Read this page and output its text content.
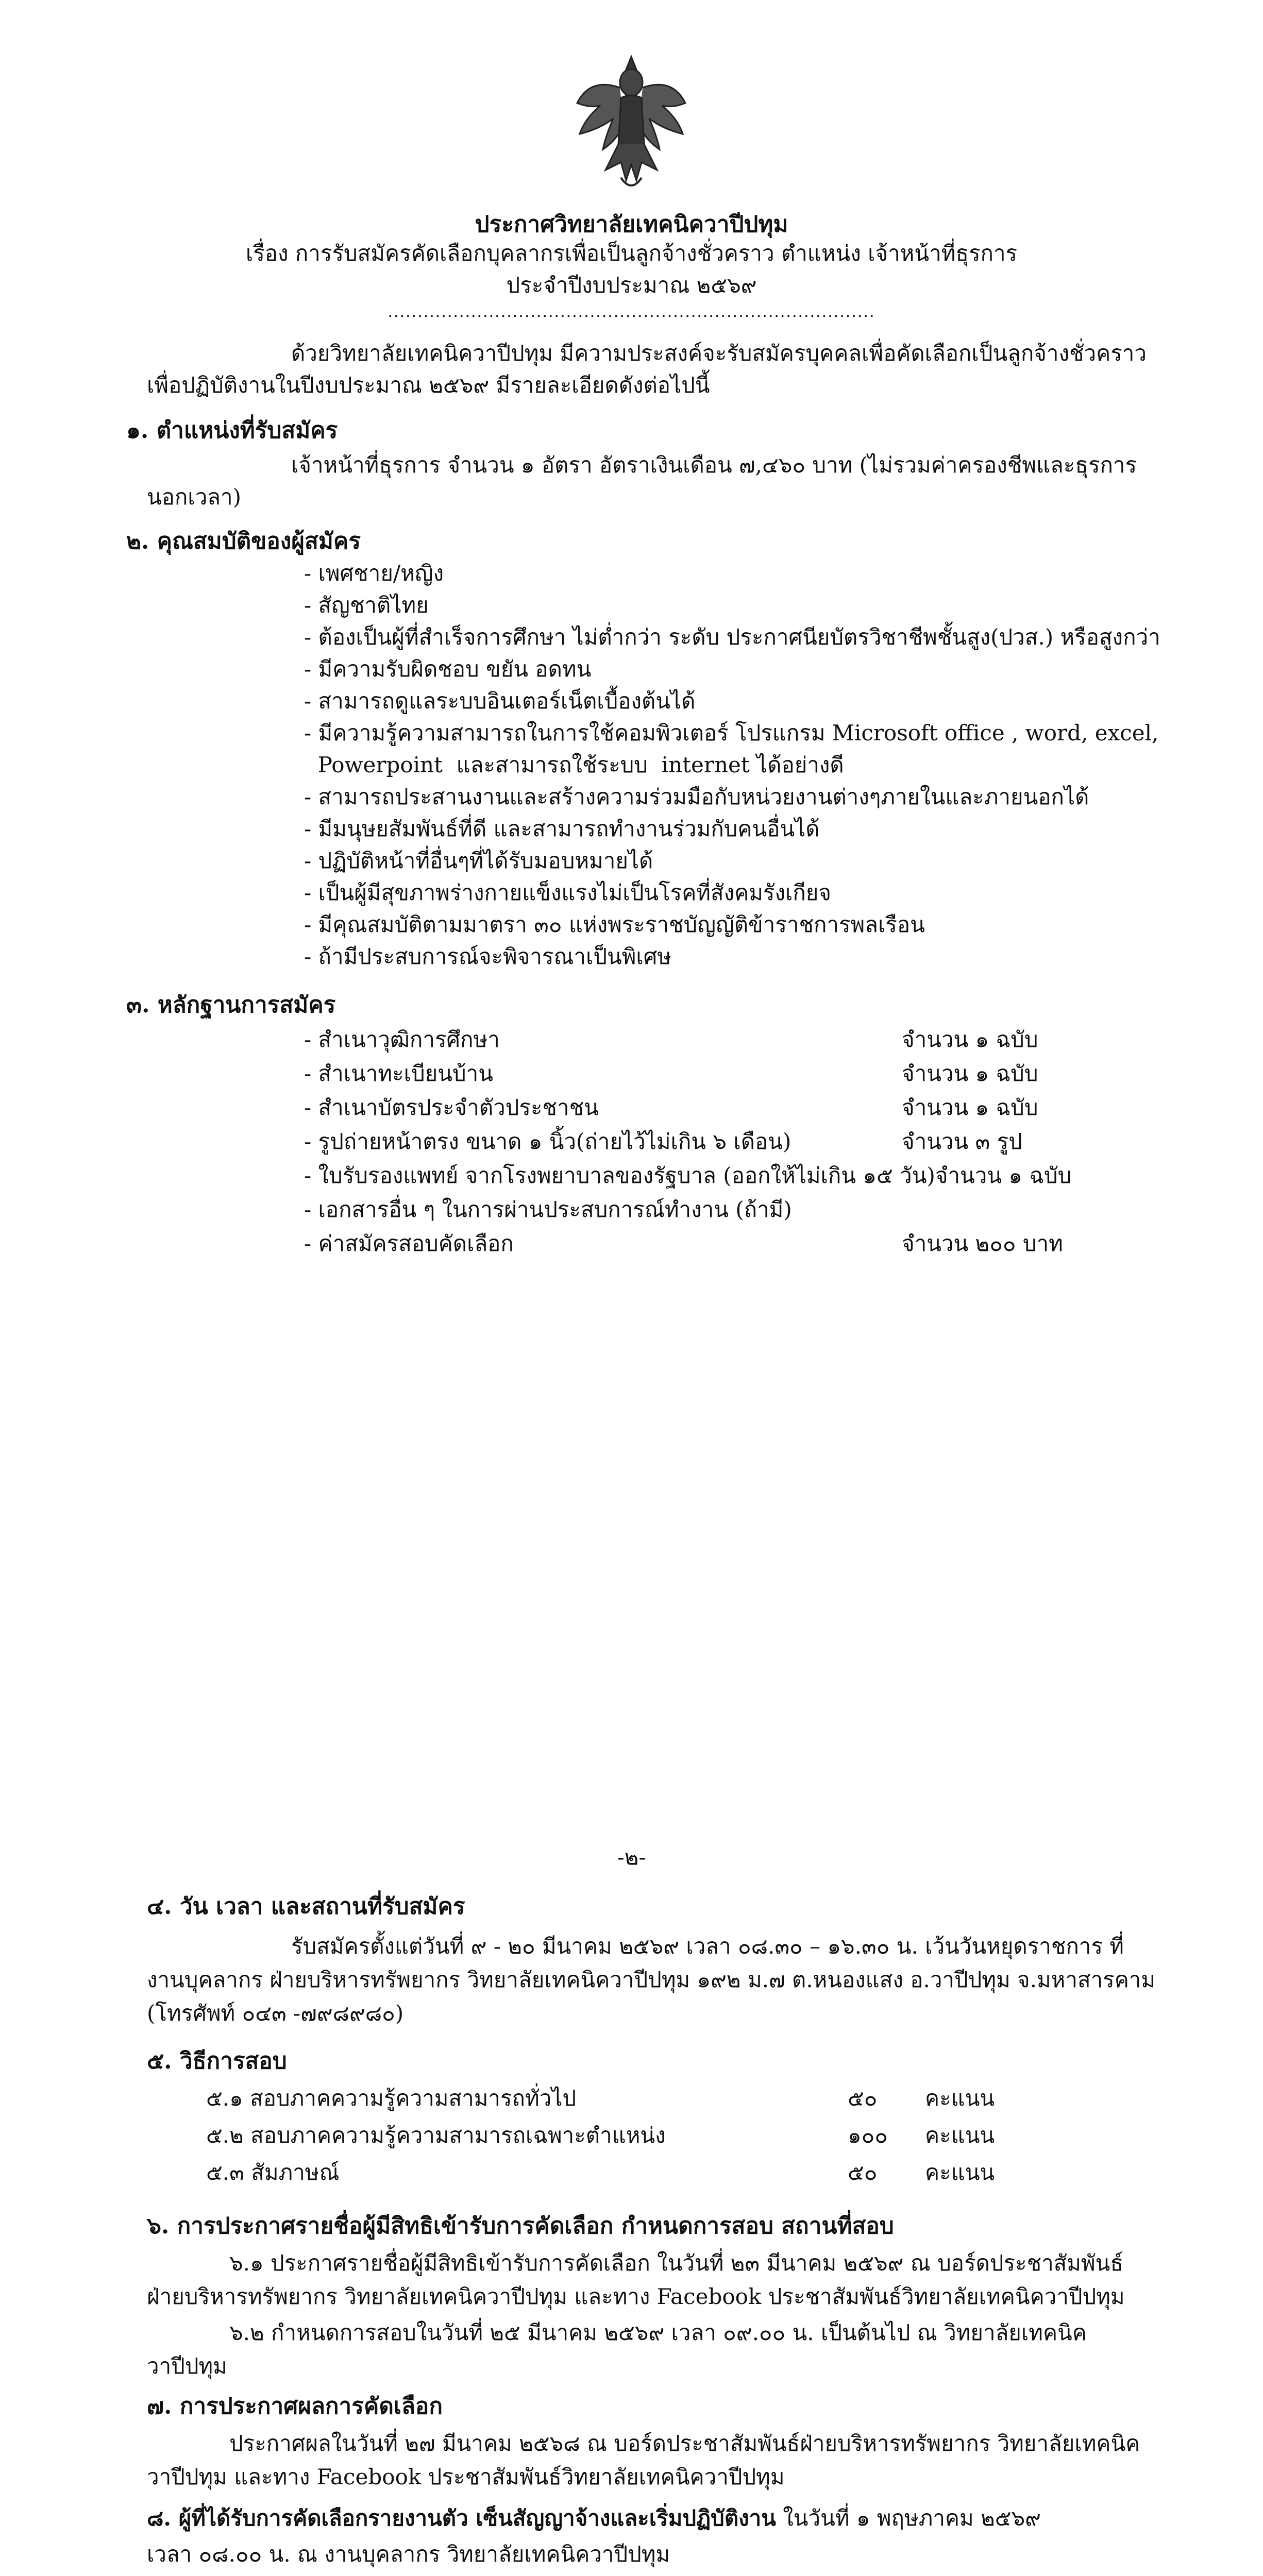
ประกาศวิทยาลัยเทคนิควาปีปทุม
เรื่อง การรับสมัครคัดเลือกบุคลากรเพื่อเป็นลูกจ้างชั่วคราว ตำแหน่ง เจ้าหน้าที่ธุรการ
ประจำปีงบประมาณ ๒๕๖๙
..................................................................................
ด้วยวิทยาลัยเทคนิควาปีปทุม มีความประสงค์จะรับสมัครบุคคลเพื่อคัดเลือกเป็นลูกจ้างชั่วคราว
เพื่อปฏิบัติงานในปีงบประมาณ ๒๕๖๙ มีรายละเอียดดังต่อไปนี้
๑. ตำแหน่งที่รับสมัคร
เจ้าหน้าที่ธุรการ จำนวน ๑ อัตรา อัตราเงินเดือน ๗,๔๖๐ บาท (ไม่รวมค่าครองชีพและธุรการ
นอกเวลา)
๒. คุณสมบัติของผู้สมัคร
- เพศชาย/หญิง
- สัญชาติไทย
- ต้องเป็นผู้ที่สำเร็จการศึกษา ไม่ต่ำกว่า ระดับ ประกาศนียบัตรวิชาชีพชั้นสูง(ปวส.) หรือสูงกว่า
- มีความรับผิดชอบ ขยัน อดทน
- สามารถดูแลระบบอินเตอร์เน็ตเบื้องต้นได้
- มีความรู้ความสามารถในการใช้คอมพิวเตอร์ โปรแกรม Microsoft office , word, excel,
Powerpoint  และสามารถใช้ระบบ  internet ได้อย่างดี
- สามารถประสานงานและสร้างความร่วมมือกับหน่วยงานต่างๆภายในและภายนอกได้
- มีมนุษยสัมพันธ์ที่ดี และสามารถทำงานร่วมกับคนอื่นได้
- ปฏิบัติหน้าที่อื่นๆที่ได้รับมอบหมายได้
- เป็นผู้มีสุขภาพร่างกายแข็งแรงไม่เป็นโรคที่สังคมรังเกียจ
- มีคุณสมบัติตามมาตรา ๓๐ แห่งพระราชบัญญัติข้าราชการพลเรือน
- ถ้ามีประสบการณ์จะพิจารณาเป็นพิเศษ
๓. หลักฐานการสมัคร
- สำเนาวุฒิการศึกษา	จำนวน ๑ ฉบับ
- สำเนาทะเบียนบ้าน	จำนวน ๑ ฉบับ
- สำเนาบัตรประจำตัวประชาชน	จำนวน ๑ ฉบับ
- รูปถ่ายหน้าตรง ขนาด ๑ นิ้ว(ถ่ายไว้ไม่เกิน ๖ เดือน)	จำนวน ๓ รูป
- ใบรับรองแพทย์ จากโรงพยาบาลของรัฐบาล (ออกให้ไม่เกิน ๑๕ วัน)จำนวน ๑ ฉบับ
- เอกสารอื่น ๆ ในการผ่านประสบการณ์ทำงาน (ถ้ามี)
- ค่าสมัครสอบคัดเลือก	จำนวน ๒๐๐ บาท
-๒-
๔. วัน เวลา และสถานที่รับสมัคร
รับสมัครตั้งแต่วันที่ ๙ - ๒๐ มีนาคม ๒๕๖๙ เวลา ๐๘.๓๐ – ๑๖.๓๐ น. เว้นวันหยุดราชการ ที่
งานบุคลากร ฝ่ายบริหารทรัพยากร วิทยาลัยเทคนิควาปีปทุม ๑๙๒ ม.๗ ต.หนองแสง อ.วาปีปทุม จ.มหาสารคาม
(โทรศัพท์ ๐๔๓ -๗๙๘๙๘๐)
๕. วิธีการสอบ
๕.๑ สอบภาคความรู้ความสามารถทั่วไป	๕๐ คะแนน
๕.๒ สอบภาคความรู้ความสามารถเฉพาะตำแหน่ง	๑๐๐ คะแนน
๕.๓ สัมภาษณ์	๕๐ คะแนน
๖. การประกาศรายชื่อผู้มีสิทธิเข้ารับการคัดเลือก กำหนดการสอบ สถานที่สอบ
๖.๑ ประกาศรายชื่อผู้มีสิทธิเข้ารับการคัดเลือก ในวันที่ ๒๓ มีนาคม ๒๕๖๙ ณ บอร์ดประชาสัมพันธ์
ฝ่ายบริหารทรัพยากร วิทยาลัยเทคนิควาปีปทุม และทาง Facebook ประชาสัมพันธ์วิทยาลัยเทคนิควาปีปทุม
๖.๒ กำหนดการสอบในวันที่ ๒๕ มีนาคม ๒๕๖๙ เวลา ๐๙.๐๐ น. เป็นต้นไป ณ วิทยาลัยเทคนิค
วาปีปทุม
๗. การประกาศผลการคัดเลือก
ประกาศผลในวันที่ ๒๗ มีนาคม ๒๕๖๘ ณ บอร์ดประชาสัมพันธ์ฝ่ายบริหารทรัพยากร วิทยาลัยเทคนิค
วาปีปทุม และทาง Facebook ประชาสัมพันธ์วิทยาลัยเทคนิควาปีปทุม
๘. ผู้ที่ได้รับการคัดเลือกรายงานตัว เซ็นสัญญาจ้างและเริ่มปฏิบัติงาน ในวันที่ ๑ พฤษภาคม ๒๕๖๙
เวลา ๐๘.๐๐ น. ณ งานบุคลากร วิทยาลัยเทคนิควาปีปทุม
